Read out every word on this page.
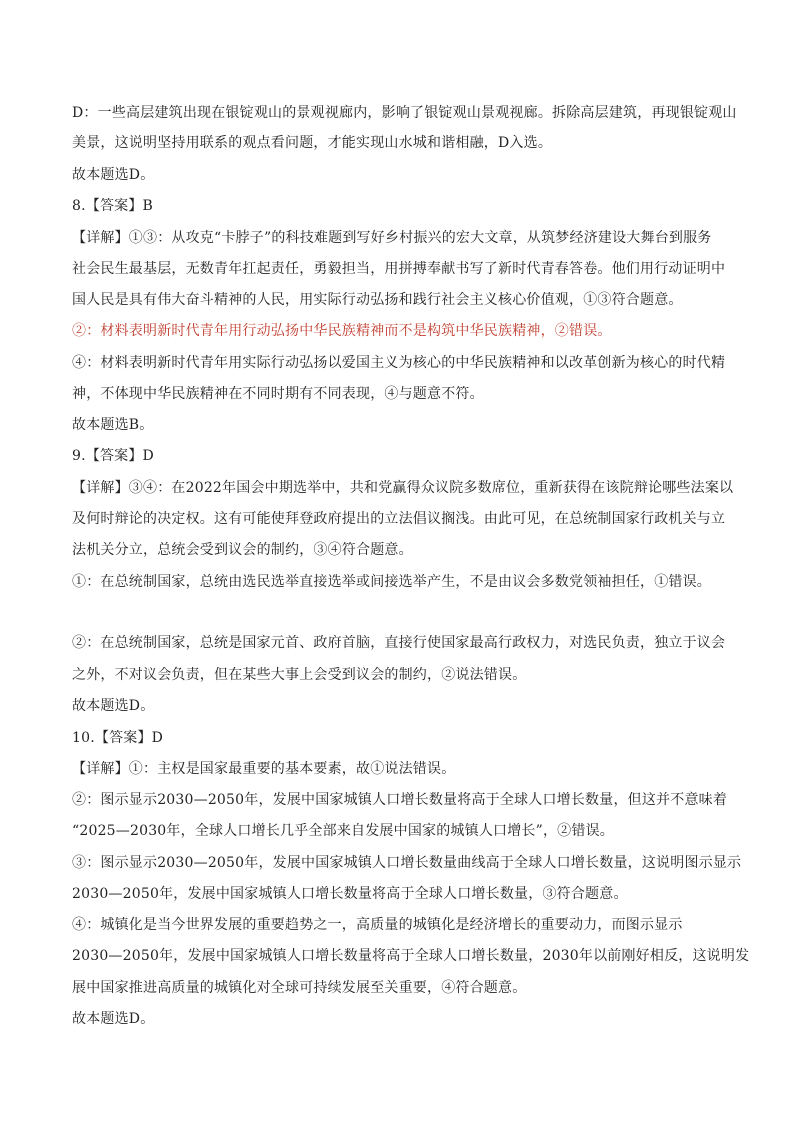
D：一些高层建筑出现在银锭观山的景观视廊内，影响了银锭观山景观视廊。拆除高层建筑，再现银锭观山
美景，这说明坚持用联系的观点看问题，才能实现山水城和谐相融，D入选。
故本题选D。
8.【答案】B
【详解】①③：从攻克“卡脖子”的科技难题到写好乡村振兴的宏大文章，从筑梦经济建设大舞台到服务
社会民生最基层，无数青年扛起责任，勇毅担当，用拼搏奉献书写了新时代青春答卷。他们用行动证明中
国人民是具有伟大奋斗精神的人民，用实际行动弘扬和践行社会主义核心价值观，①③符合题意。
②：材料表明新时代青年用行动弘扬中华民族精神而不是构筑中华民族精神，②错误。
④：材料表明新时代青年用实际行动弘扬以爱国主义为核心的中华民族精神和以改革创新为核心的时代精
神，不体现中华民族精神在不同时期有不同表现，④与题意不符。
故本题选B。
9.【答案】D
【详解】③④：在2022年国会中期选举中，共和党赢得众议院多数席位，重新获得在该院辩论哪些法案以
及何时辩论的决定权。这有可能使拜登政府提出的立法倡议搁浅。由此可见，在总统制国家行政机关与立
法机关分立，总统会受到议会的制约，③④符合题意。
①：在总统制国家，总统由选民选举直接选举或间接选举产生，不是由议会多数党领袖担任，①错误。
②：在总统制国家，总统是国家元首、政府首脑，直接行使国家最高行政权力，对选民负责，独立于议会
之外，不对议会负责，但在某些大事上会受到议会的制约，②说法错误。
故本题选D。
10.【答案】D
【详解】①：主权是国家最重要的基本要素，故①说法错误。
②：图示显示2030—2050年，发展中国家城镇人口增长数量将高于全球人口增长数量，但这并不意味着
“2025—2030年，全球人口增长几乎全部来自发展中国家的城镇人口增长”，②错误。
③：图示显示2030—2050年，发展中国家城镇人口增长数量曲线高于全球人口增长数量，这说明图示显示
2030—2050年，发展中国家城镇人口增长数量将高于全球人口增长数量，③符合题意。
④：城镇化是当今世界发展的重要趋势之一，高质量的城镇化是经济增长的重要动力，而图示显示
2030—2050年，发展中国家城镇人口增长数量将高于全球人口增长数量，2030年以前刚好相反，这说明发
展中国家推进高质量的城镇化对全球可持续发展至关重要，④符合题意。
故本题选D。
